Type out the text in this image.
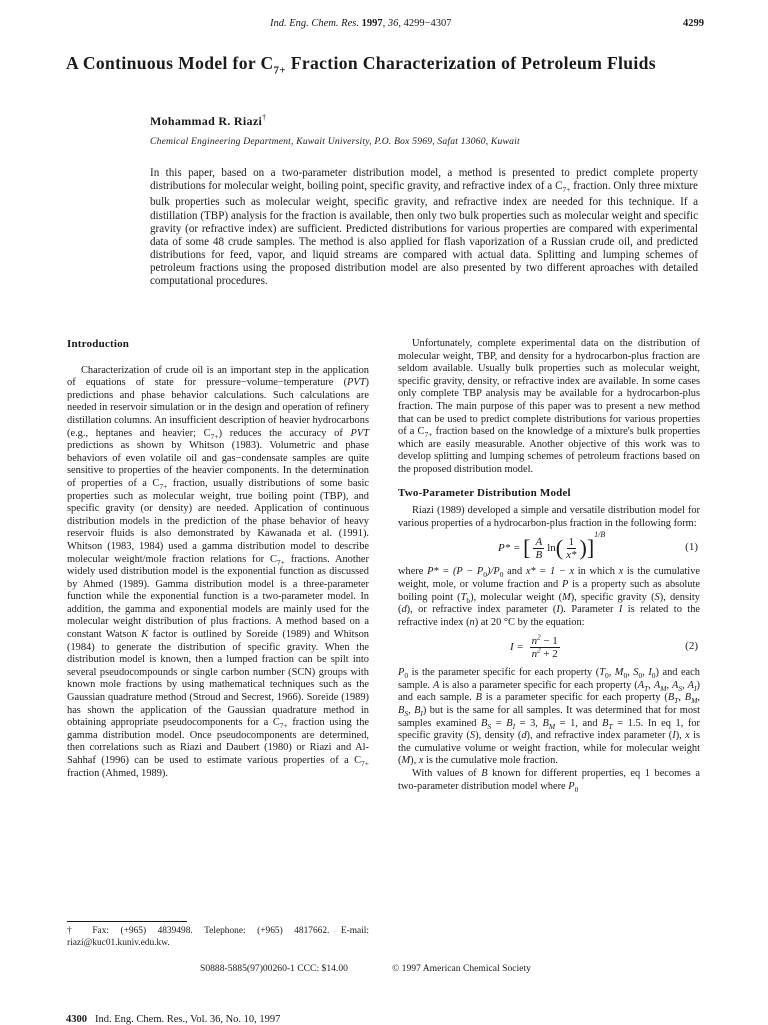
Ind. Eng. Chem. Res. 1997, 36, 4299−4307	4299
A Continuous Model for $C_{7+}$ Fraction Characterization of Petroleum Fluids
Mohammad R. Riazi†
Chemical Engineering Department, Kuwait University, P.O. Box 5969, Safat 13060, Kuwait

In this paper, based on a two-parameter distribution model, a method is presented to predict complete property distributions for molecular weight, boiling point, specific gravity, and refractive index of a $C_{7+}$ fraction. Only three mixture bulk properties such as molecular weight, specific gravity, and refractive index are needed for this technique. If a distillation (TBP) analysis for the fraction is available, then only two bulk properties such as molecular weight and specific gravity (or refractive index) are sufficient. Predicted distributions for various properties are compared with experimental data of some 48 crude samples. The method is also applied for flash vaporization of a Russian crude oil, and predicted distributions for feed, vapor, and liquid streams are compared with actual data. Splitting and lumping schemes of petroleum fractions using the proposed distribution model are also presented by two different aproaches with detailed computational procedures.

Introduction

Characterization of crude oil is an important step in the application of equations of state for pressure−volume−temperature (PVT) predictions and phase behavior calculations. Such calculations are needed in reservoir simulation or in the design and operation of refinery distillation columns. An insufficient description of heavier hydrocarbons (e.g., heptanes and heavier; $C_{7+}$) reduces the accuracy of PVT predictions as shown by Whitson (1983). Volumetric and phase behaviors of even volatile oil and gas−condensate samples are quite sensitive to properties of the heavier components. In the determination of properties of a $C_{7+}$ fraction, usually distributions of some basic properties such as molecular weight, true boiling point (TBP), and specific gravity (or density) are needed. Application of continuous distribution models in the prediction of the phase behavior of heavy reservoir fluids is also demonstrated by Kawanada et al. (1991). Whitson (1983, 1984) used a gamma distribution model to describe molecular weight/mole fraction relations for $C_{7+}$ fractions. Another widely used distribution model is the exponential function as discussed by Ahmed (1989). Gamma distribution model is a three-parameter function while the exponential function is a two-parameter model. In addition, the gamma and exponential models are mainly used for the molecular weight distribution of plus fractions. A method based on a constant Watson K factor is outlined by Soreide (1989) and Whitson (1984) to generate the distribution of specific gravity. When the distribution model is known, then a lumped fraction can be spilt into several pseudocompounds or single carbon number (SCN) groups with known mole fractions by using mathematical techniques such as the Gaussian quadrature method (Stroud and Secrest, 1966). Soreide (1989) has shown the application of the Gaussian quadrature method in obtaining appropriate pseudocomponents for a $C_{7+}$ fraction using the gamma distribution model. Once pseudocomponents are determined, then correlations such as Riazi and Daubert (1980) or Riazi and Al-Sahhaf (1996) can be used to estimate various properties of a $C_{7+}$ fraction (Ahmed, 1989).

† Fax: (+965) 4839498. Telephone: (+965) 4817662. E-mail: riazi@kuc01.kuniv.edu.kw.

Unfortunately, complete experimental data on the distribution of molecular weight, TBP, and density for a hydrocarbon-plus fraction are seldom available. Usually bulk properties such as molecular weight, specific gravity, density, or refractive index are available. In some cases only complete TBP analysis may be available for a hydrocarbon-plus fraction. The main purpose of this paper was to present a new method that can be used to predict complete distributions for various properties of a $C_{7+}$ fraction based on the knowledge of a mixture's bulk properties which are easily measurable. Another objective of this work was to develop splitting and lumping schemes of petroleum fractions based on the proposed distribution model.

Two-Parameter Distribution Model

Riazi (1989) developed a simple and versatile distribution model for various properties of a hydrocarbon-plus fraction in the following form:

P* =
[ $\frac{A}{B}$ ln ( $\frac{1}{x*}$ ) ]
1/B
(1)

where $P* = (P - P_0)/P_0$ and x* = 1 − x in which x is the cumulative weight, mole, or volume fraction and P is a property such as absolute boiling point $(T_b)$, molecular weight (M), specific gravity (S), density (d), or refractive index parameter (I). Parameter I is related to the refractive index (n) at 20 °C by the equation:

I =
$\frac{n^2 - 1}{n^2 + 2}$	(2)

$P_0$ is the parameter specific for each property ($T_0$, $M_0$, $S_0$, $I_0$) and each sample. A is also a parameter specific for each property ($A_T$, $A_M$, $A_S$, $A_I$) and each sample. B is a parameter specific for each property ($B_T$, $B_M$, $B_S$, $B_I$) but is the same for all samples. It was determined that for most samples examined $B_S = B_I = 3$, $B_M = 1$, and $B_T = 1.5$. In eq 1, for specific gravity (S), density (d), and refractive index parameter (I), x is the cumulative volume or weight fraction, while for molecular weight (M), x is the cumulative mole fraction.

With values of B known for different properties, eq 1 becomes a two-parameter distribution model where $P_0$

S0888-5885(97)00260-1 CCC: $14.00	© 1997 American Chemical Society
4300 Ind. Eng. Chem. Res., Vol. 36, No. 10, 1997
